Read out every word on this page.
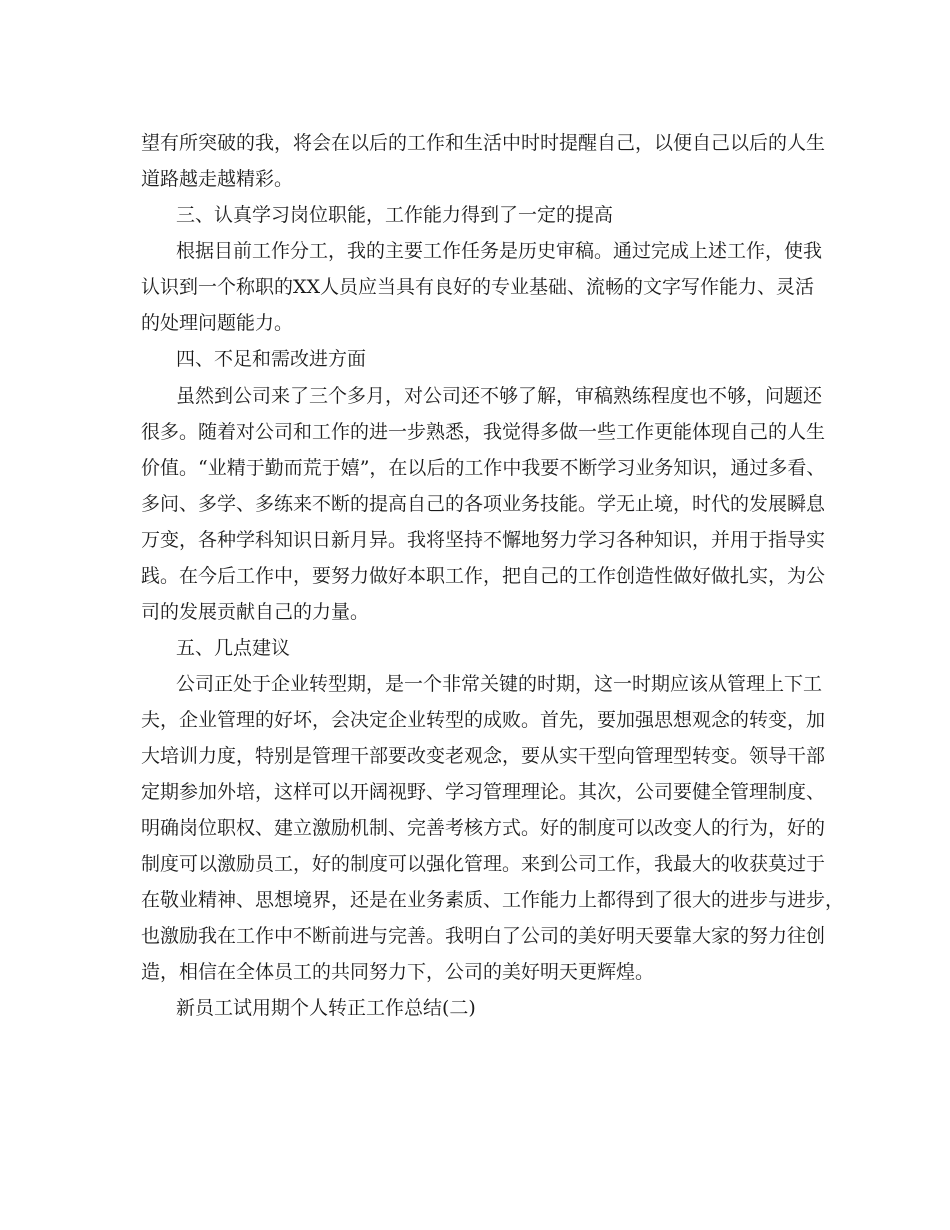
望有所突破的我，将会在以后的工作和生活中时时提醒自己，以便自己以后的人生
道路越走越精彩。
三、认真学习岗位职能，工作能力得到了一定的提高
根据目前工作分工，我的主要工作任务是历史审稿。通过完成上述工作，使我
认识到一个称职的XX人员应当具有良好的专业基础、流畅的文字写作能力、灵活
的处理问题能力。
四、不足和需改进方面
虽然到公司来了三个多月，对公司还不够了解，审稿熟练程度也不够，问题还
很多。随着对公司和工作的进一步熟悉，我觉得多做一些工作更能体现自己的人生
价值。“业精于勤而荒于嬉”，在以后的工作中我要不断学习业务知识，通过多看、
多问、多学、多练来不断的提高自己的各项业务技能。学无止境，时代的发展瞬息
万变，各种学科知识日新月异。我将坚持不懈地努力学习各种知识，并用于指导实
践。在今后工作中，要努力做好本职工作，把自己的工作创造性做好做扎实，为公
司的发展贡献自己的力量。
五、几点建议
公司正处于企业转型期，是一个非常关键的时期，这一时期应该从管理上下工
夫，企业管理的好坏，会决定企业转型的成败。首先，要加强思想观念的转变，加
大培训力度，特别是管理干部要改变老观念，要从实干型向管理型转变。领导干部
定期参加外培，这样可以开阔视野、学习管理理论。其次，公司要健全管理制度、
明确岗位职权、建立激励机制、完善考核方式。好的制度可以改变人的行为，好的
制度可以激励员工，好的制度可以强化管理。来到公司工作，我最大的收获莫过于
在敬业精神、思想境界，还是在业务素质、工作能力上都得到了很大的进步与进步，
也激励我在工作中不断前进与完善。我明白了公司的美好明天要靠大家的努力往创
造，相信在全体员工的共同努力下，公司的美好明天更辉煌。
新员工试用期个人转正工作总结(二)
